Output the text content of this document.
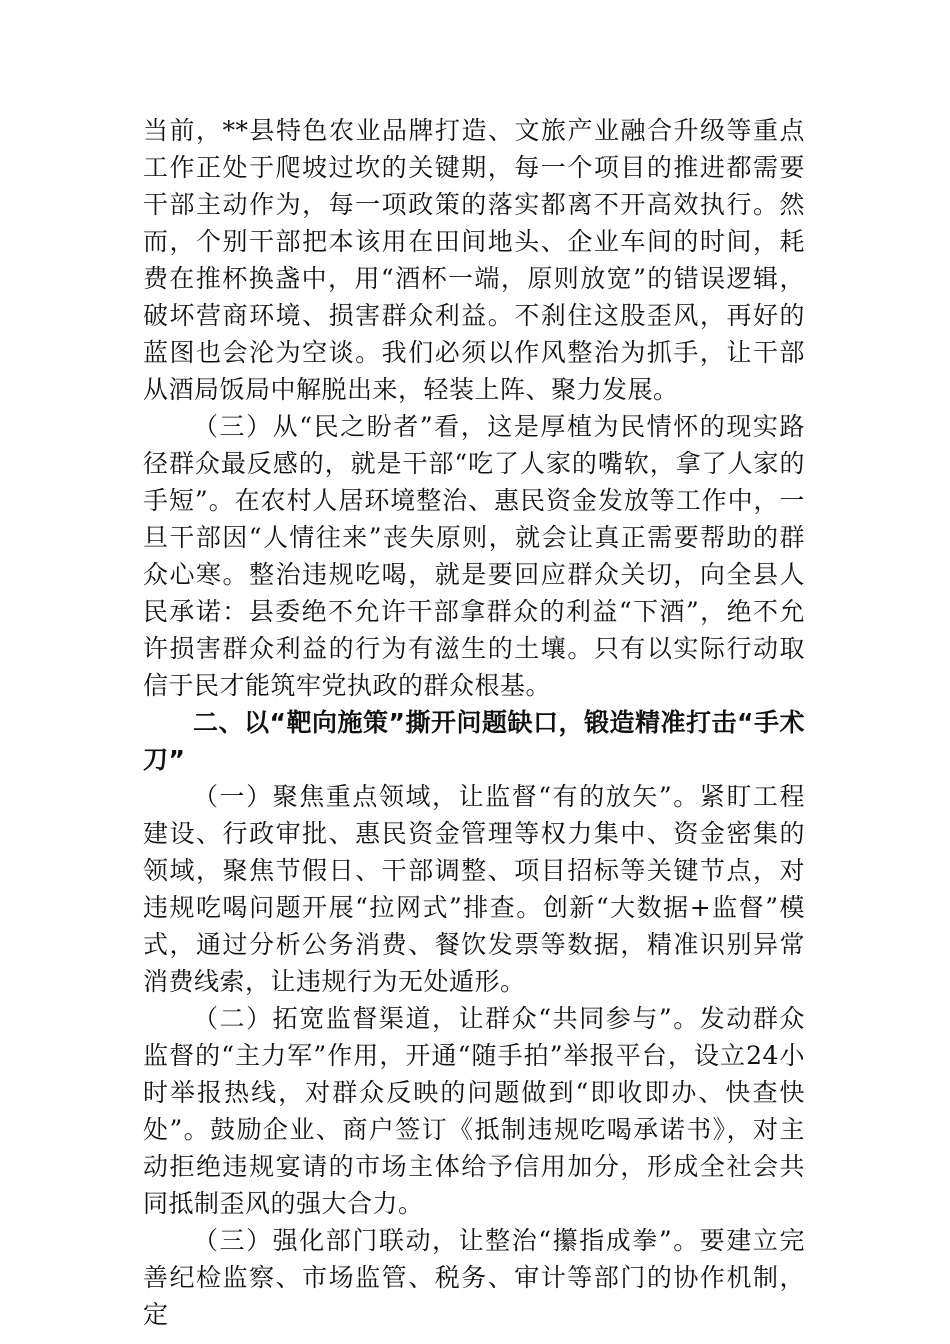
当前，**县特色农业品牌打造、文旅产业融合升级等重点工作正处于爬坡过坎的关键期，每一个项目的推进都需要干部主动作为，每一项政策的落实都离不开高效执行。然而，个别干部把本该用在田间地头、企业车间的时间，耗费在推杯换盏中，用“酒杯一端，原则放宽”的错误逻辑，破坏营商环境、损害群众利益。不刹住这股歪风，再好的蓝图也会沦为空谈。我们必须以作风整治为抓手，让干部从酒局饭局中解脱出来，轻装上阵、聚力发展。

（三）从“民之盼者”看，这是厚植为民情怀的现实路径群众最反感的，就是干部“吃了人家的嘴软，拿了人家的手短”。在农村人居环境整治、惠民资金发放等工作中，一旦干部因“人情往来”丧失原则，就会让真正需要帮助的群众心寒。整治违规吃喝，就是要回应群众关切，向全县人民承诺：县委绝不允许干部拿群众的利益“下酒”，绝不允许损害群众利益的行为有滋生的土壤。只有以实际行动取信于民才能筑牢党执政的群众根基。

二、以“靶向施策”撕开问题缺口，锻造精准打击“手术刀”

（一）聚焦重点领域，让监督“有的放矢”。紧盯工程建设、行政审批、惠民资金管理等权力集中、资金密集的领域，聚焦节假日、干部调整、项目招标等关键节点，对违规吃喝问题开展“拉网式”排查。创新“大数据+监督”模式，通过分析公务消费、餐饮发票等数据，精准识别异常消费线索，让违规行为无处遁形。

（二）拓宽监督渠道，让群众“共同参与”。发动群众监督的“主力军”作用，开通“随手拍”举报平台，设立24小时举报热线，对群众反映的问题做到“即收即办、快查快处”。鼓励企业、商户签订《抵制违规吃喝承诺书》，对主动拒绝违规宴请的市场主体给予信用加分，形成全社会共同抵制歪风的强大合力。

（三）强化部门联动，让整治“攥指成拳”。要建立完善纪检监察、市场监管、税务、审计等部门的协作机制，定
